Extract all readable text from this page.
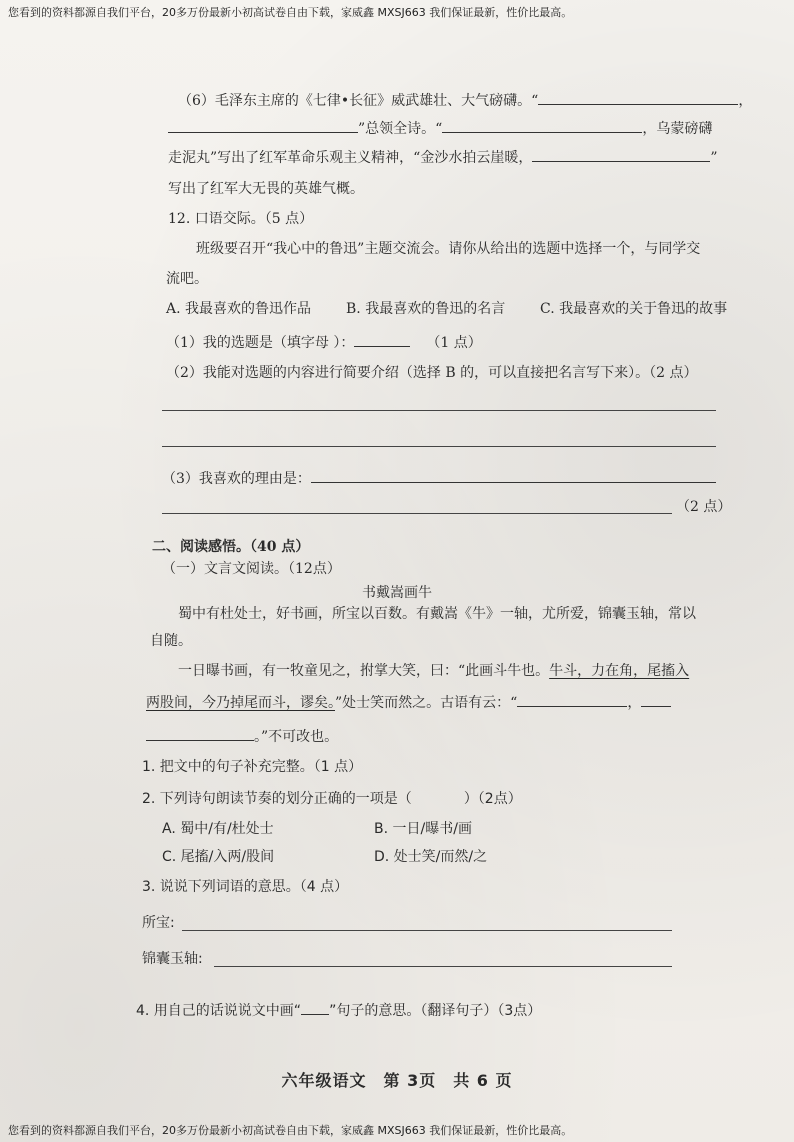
您看到的资料都源自我们平台，20多万份最新小初高试卷自由下载，家威鑫 MXSJ663 我们保证最新，性价比最高。
（6）毛泽东主席的《七律•长征》威武雄壮、大气磅礴。“	，
”总领全诗。“	，乌蒙磅礴
走泥丸”写出了红军革命乐观主义精神，“金沙水拍云崖暖，	”
写出了红军大无畏的英雄气概。
12. 口语交际。（5 点）
班级要召开“我心中的鲁迅”主题交流会。请你从给出的选题中选择一个，与同学交
流吧。
A. 我最喜欢的鲁迅作品 B. 我最喜欢的鲁迅的名言 C. 我最喜欢的关于鲁迅的故事
（1）我的选题是（填字母 ）：	（1 点）
（2）我能对选题的内容进行简要介绍（选择 B 的，可以直接把名言写下来）。（2 点）
（3）我喜欢的理由是：
（2 点）
二、阅读感悟。（40 点）
（一）文言文阅读。（12点）
书戴嵩画牛
蜀中有杜处士，好书画，所宝以百数。有戴嵩《牛》一轴，尤所爱，锦囊玉轴，常以
自随。
一日曝书画，有一牧童见之，拊掌大笑，曰：“此画斗牛也。牛斗，力在角，尾搐入
两股间，今乃掉尾而斗，谬矣。”处士笑而然之。古语有云：“	，
。”不可改也。
1. 把文中的句子补充完整。（1 点）
2. 下列诗句朗读节奏的划分正确的一项是（	）（2点）
A. 蜀中/有/杜处士	B. 一日/曝书/画
C. 尾搐/入两/股间	D. 处士笑/而然/之
3. 说说下列词语的意思。（4 点）
所宝:
锦囊玉轴:
4. 用自己的话说说文中画“ ”句子的意思。（翻译句子）（3点）
六年级语文　第 3页　共 6 页
您看到的资料都源自我们平台，20多万份最新小初高试卷自由下载，家威鑫 MXSJ663 我们保证最新，性价比最高。
